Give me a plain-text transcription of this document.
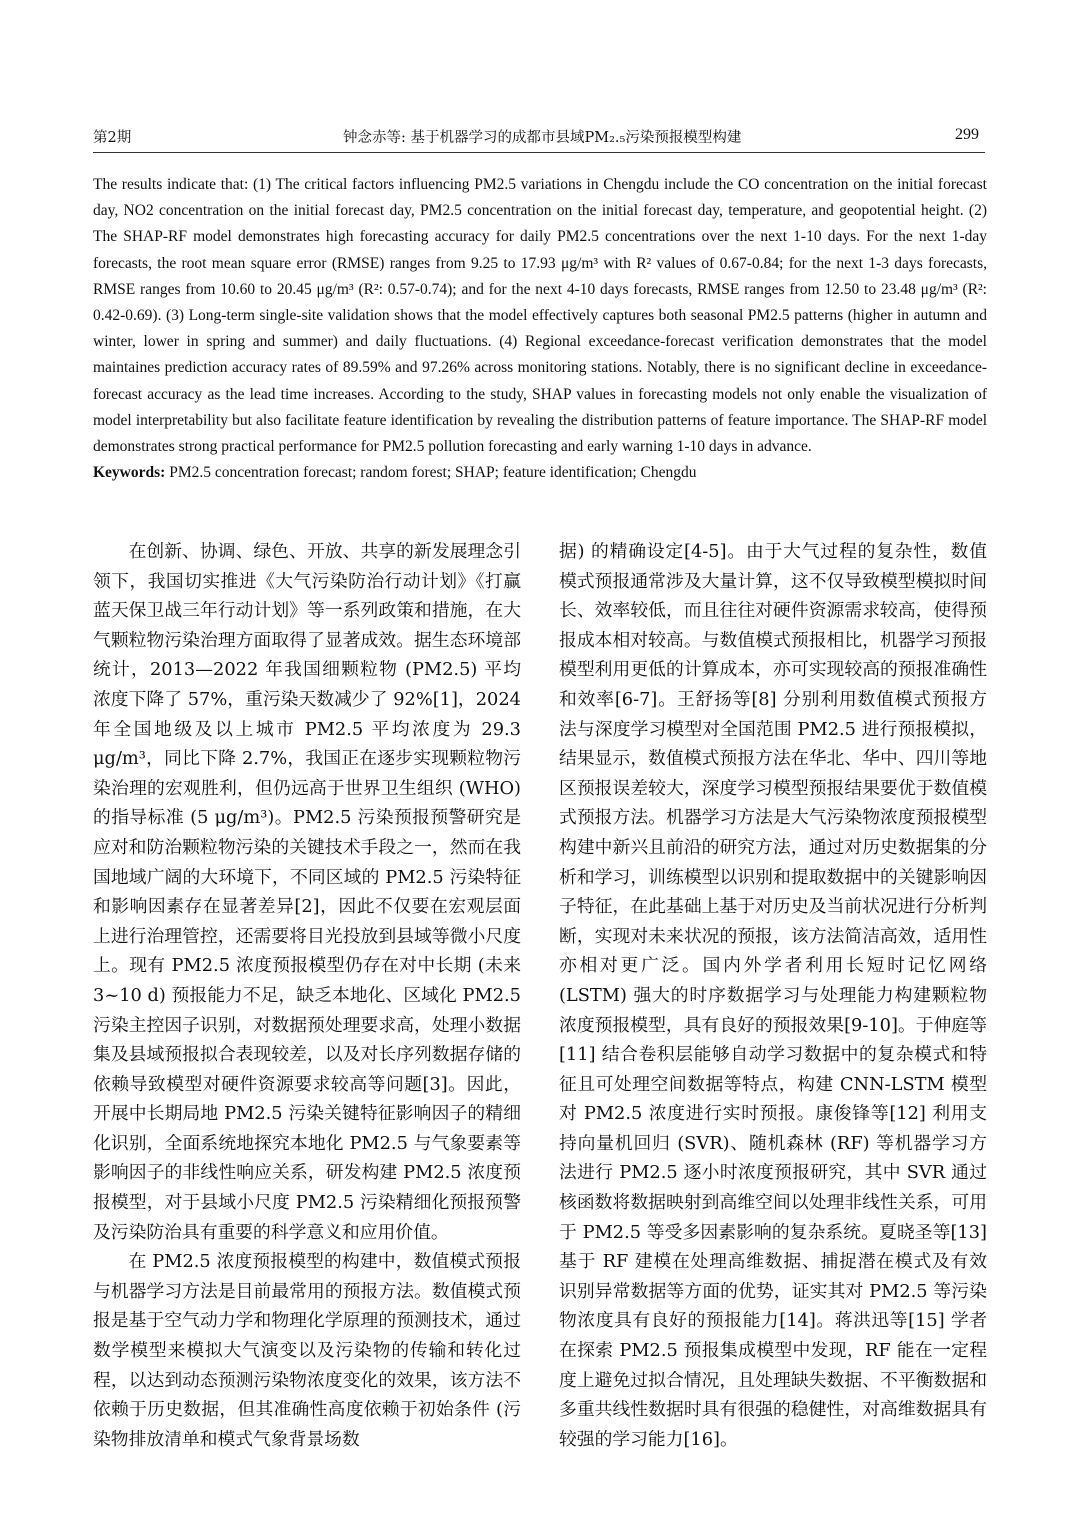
第2期	钟念赤等: 基于机器学习的成都市县域PM₂.₅污染预报模型构建	299

The results indicate that: (1) The critical factors influencing PM2.5 variations in Chengdu include the CO concentration on the initial forecast day, NO2 concentration on the initial forecast day, PM2.5 concentration on the initial forecast day, temperature, and geopotential height. (2) The SHAP-RF model demonstrates high forecasting accuracy for daily PM2.5 concentrations over the next 1-10 days. For the next 1-day forecasts, the root mean square error (RMSE) ranges from 9.25 to 17.93 μg/m³ with R² values of 0.67-0.84; for the next 1-3 days forecasts, RMSE ranges from 10.60 to 20.45 μg/m³ (R²: 0.57-0.74); and for the next 4-10 days forecasts, RMSE ranges from 12.50 to 23.48 μg/m³ (R²: 0.42-0.69). (3) Long-term single-site validation shows that the model effectively captures both seasonal PM2.5 patterns (higher in autumn and winter, lower in spring and summer) and daily fluctuations. (4) Regional exceedance-forecast verification demonstrates that the model maintaines prediction accuracy rates of 89.59% and 97.26% across monitoring stations. Notably, there is no significant decline in exceedance-forecast accuracy as the lead time increases. According to the study, SHAP values in forecasting models not only enable the visualization of model interpretability but also facilitate feature identification by revealing the distribution patterns of feature importance. The SHAP-RF model demonstrates strong practical performance for PM2.5 pollution forecasting and early warning 1-10 days in advance.

Keywords: PM2.5 concentration forecast; random forest; SHAP; feature identification; Chengdu

在创新、协调、绿色、开放、共享的新发展理念引领下，我国切实推进《大气污染防治行动计划》《打赢蓝天保卫战三年行动计划》等一系列政策和措施，在大气颗粒物污染治理方面取得了显著成效。据生态环境部统计，2013—2022 年我国细颗粒物 (PM2.5) 平均浓度下降了 57%，重污染天数减少了 92%[1]，2024 年全国地级及以上城市 PM2.5 平均浓度为 29.3 μg/m³，同比下降 2.7%，我国正在逐步实现颗粒物污染治理的宏观胜利，但仍远高于世界卫生组织 (WHO) 的指导标准 (5 μg/m³)。PM2.5 污染预报预警研究是应对和防治颗粒物污染的关键技术手段之一，然而在我国地域广阔的大环境下，不同区域的 PM2.5 污染特征和影响因素存在显著差异[2]，因此不仅要在宏观层面上进行治理管控，还需要将目光投放到县域等微小尺度上。现有 PM2.5 浓度预报模型仍存在对中长期 (未来 3~10 d) 预报能力不足，缺乏本地化、区域化 PM2.5 污染主控因子识别，对数据预处理要求高，处理小数据集及县域预报拟合表现较差，以及对长序列数据存储的依赖导致模型对硬件资源要求较高等问题[3]。因此，开展中长期局地 PM2.5 污染关键特征影响因子的精细化识别，全面系统地探究本地化 PM2.5 与气象要素等影响因子的非线性响应关系，研发构建 PM2.5 浓度预报模型，对于县域小尺度 PM2.5 污染精细化预报预警及污染防治具有重要的科学意义和应用价值。

在 PM2.5 浓度预报模型的构建中，数值模式预报与机器学习方法是目前最常用的预报方法。数值模式预报是基于空气动力学和物理化学原理的预测技术，通过数学模型来模拟大气演变以及污染物的传输和转化过程，以达到动态预测污染物浓度变化的效果，该方法不依赖于历史数据，但其准确性高度依赖于初始条件 (污染物排放清单和模式气象背景场数

据) 的精确设定[4-5]。由于大气过程的复杂性，数值模式预报通常涉及大量计算，这不仅导致模型模拟时间长、效率较低，而且往往对硬件资源需求较高，使得预报成本相对较高。与数值模式预报相比，机器学习预报模型利用更低的计算成本，亦可实现较高的预报准确性和效率[6-7]。王舒扬等[8] 分别利用数值模式预报方法与深度学习模型对全国范围 PM2.5 进行预报模拟，结果显示，数值模式预报方法在华北、华中、四川等地区预报误差较大，深度学习模型预报结果要优于数值模式预报方法。机器学习方法是大气污染物浓度预报模型构建中新兴且前沿的研究方法，通过对历史数据集的分析和学习，训练模型以识别和提取数据中的关键影响因子特征，在此基础上基于对历史及当前状况进行分析判断，实现对未来状况的预报，该方法简洁高效，适用性亦相对更广泛。国内外学者利用长短时记忆网络 (LSTM) 强大的时序数据学习与处理能力构建颗粒物浓度预报模型，具有良好的预报效果[9-10]。于伸庭等[11] 结合卷积层能够自动学习数据中的复杂模式和特征且可处理空间数据等特点，构建 CNN-LSTM 模型对 PM2.5 浓度进行实时预报。康俊锋等[12] 利用支持向量机回归 (SVR)、随机森林 (RF) 等机器学习方法进行 PM2.5 逐小时浓度预报研究，其中 SVR 通过核函数将数据映射到高维空间以处理非线性关系，可用于 PM2.5 等受多因素影响的复杂系统。夏晓圣等[13] 基于 RF 建模在处理高维数据、捕捉潜在模式及有效识别异常数据等方面的优势，证实其对 PM2.5 等污染物浓度具有良好的预报能力[14]。蒋洪迅等[15] 学者在探索 PM2.5 预报集成模型中发现，RF 能在一定程度上避免过拟合情况，且处理缺失数据、不平衡数据和多重共线性数据时具有很强的稳健性，对高维数据具有较强的学习能力[16]。
